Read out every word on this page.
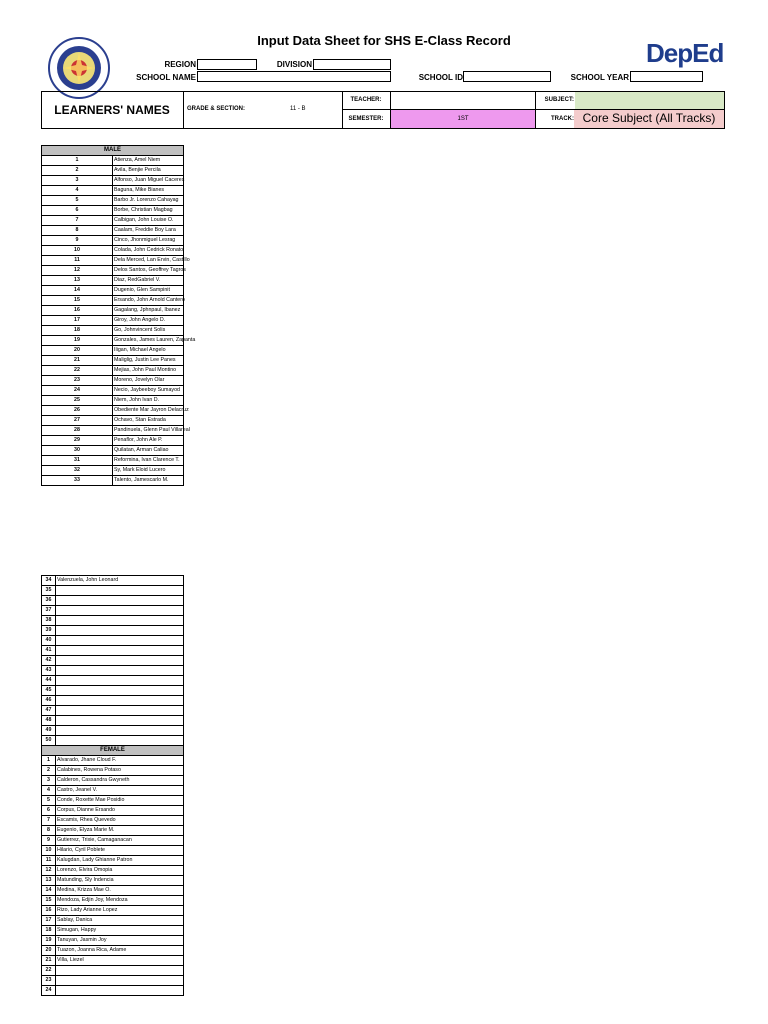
Input Data Sheet for SHS E-Class Record	DepEd
REGION	DIVISION
SCHOOL NAME	SCHOOL ID	SCHOOL YEAR
LEARNERS' NAMES	GRADE & SECTION:	11 - B
TEACHER:
SEMESTER:	1ST
SUBJECT:
TRACK: Core Subject (All Tracks)
MALE	
1	Atienza, Amel Niem
2	Avila, Benjie Percila
3	Alfonso, Juan Miguel Caceres
4	Baguna, Mike Bianes
5	Barbo Jr. Lorenzo Cahayag
6	Borbe, Christian Magbag
7	Calbigan, John Louise O.
8	Caalam, Freddie Boy Lara
9	Cinco, Jhonmiguel Lesrag
10	Colada, John Cedrick Ronato
11	Dela Merced, Lan Ervin, Castillo
12	Delos Santos, Geoffrey Tagros
13	Diaz, RedGabriel V.
14	Dugenio, Glen Sampinit
15	Ersando, John Arnold Cantero
16	Gagalang, Jphnpaul, Ibanez
17	Giroy, John Angelo D.
18	Go, Johnvincent Solis
19	Gonzales, James Lauren, Zapanta
20	Iligan, Michael Angelo
21	Maliglig, Justin Lee Panes
22	Mejias, John Paul Montino
23	Moreno, Jovelyn Olar
24	Necio, Jaybeeboy Sumayod
25	Niem, John Ivan D.
26	Obediente Mar Jayron Delacruz
27	Ochavo, Stan Estrada
28	Pandinuela, Glenn Paul Villareal
29	Penaflor, John Ale P.
30	Quilatan, Arman Caliao
31	Reformina, Ivan Clarence T.
32	Sy, Mark Eloid Lucero
33	Talento, Jamescarlo M.
34	Valenzuela, John Leonard
35	
36	
37	
38	
39	
40	
41	
42	
43	
44	
45	
46	
47	
48	
49	
50	
FEMALE	
1	Alvarado, Jhane Cloud F.
2	Calabines, Rowena Potaso
3	Calderon, Cassandra Gwyneth
4	Castro, Jeanel V.
5	Conde, Roxette Mae Posidio
6	Corpus, Dianne Ersando
7	Escamis, Rhea Quevedo
8	Eugenio, Elyza Marie M.
9	Gutierrez, Trixie, Camaganacan
10	Hilario, Cyril Poblete
11	Kalugdan, Lady Ghianne Patron
12	Lorenzo, Elvira Omopia
13	Matunding, Sly Indencia
14	Medina, Krizza Mae O.
15	Mendoza, Edjin Joy, Mendoza
16	Rizo, Lady Arianne Lopez
17	Sablay, Danica
18	Simugan, Happy
19	Tanuyan, Jasmin Joy
20	Tuazon, Joanna Rica, Adame
21	Villa, Liezel
22	
23	
24	
